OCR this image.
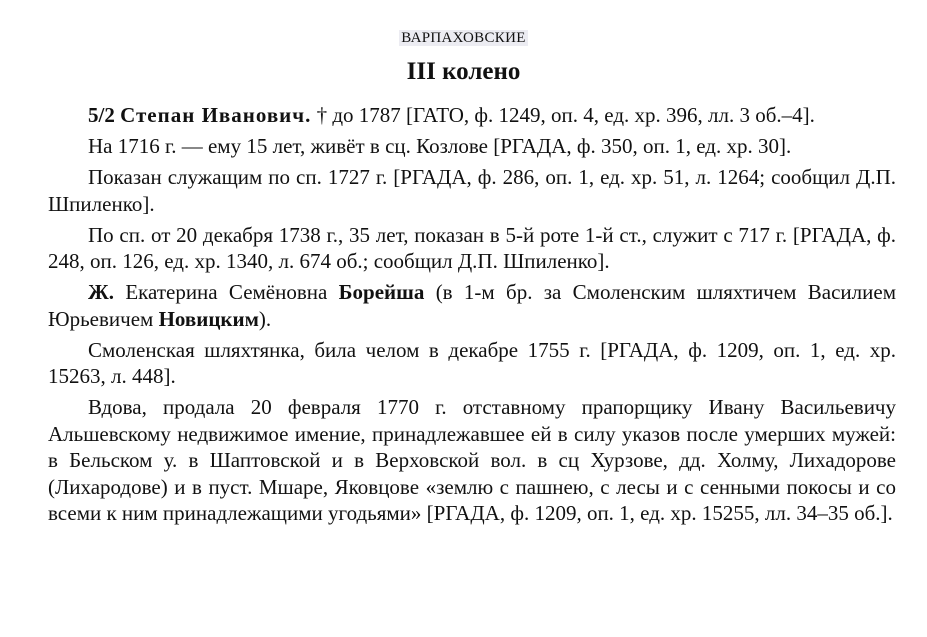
ВАРПАХОВСКИЕ
III колено

5/2 Степан Иванович. † до 1787 [ГАТО, ф. 1249, оп. 4, ед. хр. 396, лл. 3 об.–4].

На 1716 г. — ему 15 лет, живёт в сц. Козлове [РГАДА, ф. 350, оп. 1, ед. хр. 30].

Показан служащим по сп. 1727 г. [РГАДА, ф. 286, оп. 1, ед. хр. 51, л. 1264; сообщил Д.П. Шпиленко].

По сп. от 20 декабря 1738 г., 35 лет, показан в 5-й роте 1-й ст., служит с 717 г. [РГАДА, ф. 248, оп. 126, ед. хр. 1340, л. 674 об.; сообщил Д.П. Шпиленко].

Ж. Екатерина Семёновна Борейша (в 1-м бр. за Смоленским шляхтичем Василием Юрьевичем Новицким).

Смоленская шляхтянка, била челом в декабре 1755 г. [РГАДА, ф. 1209, оп. 1, ед. хр. 15263, л. 448].

Вдова, продала 20 февраля 1770 г. отставному прапорщику Ивану Васильевичу Альшевскому недвижимое имение, принадлежавшее ей в силу указов после умерших мужей: в Бельском у. в Шаптовской и в Верховской вол. в сц Хурзове, дд. Холму, Лихадорове (Лихародове) и в пуст. Мшаре, Яковцове «землю с пашнею, с лесы и с сенными покосы и со всеми к ним принадлежащими угодьями» [РГАДА, ф. 1209, оп. 1, ед. хр. 15255, лл. 34–35 об.].
